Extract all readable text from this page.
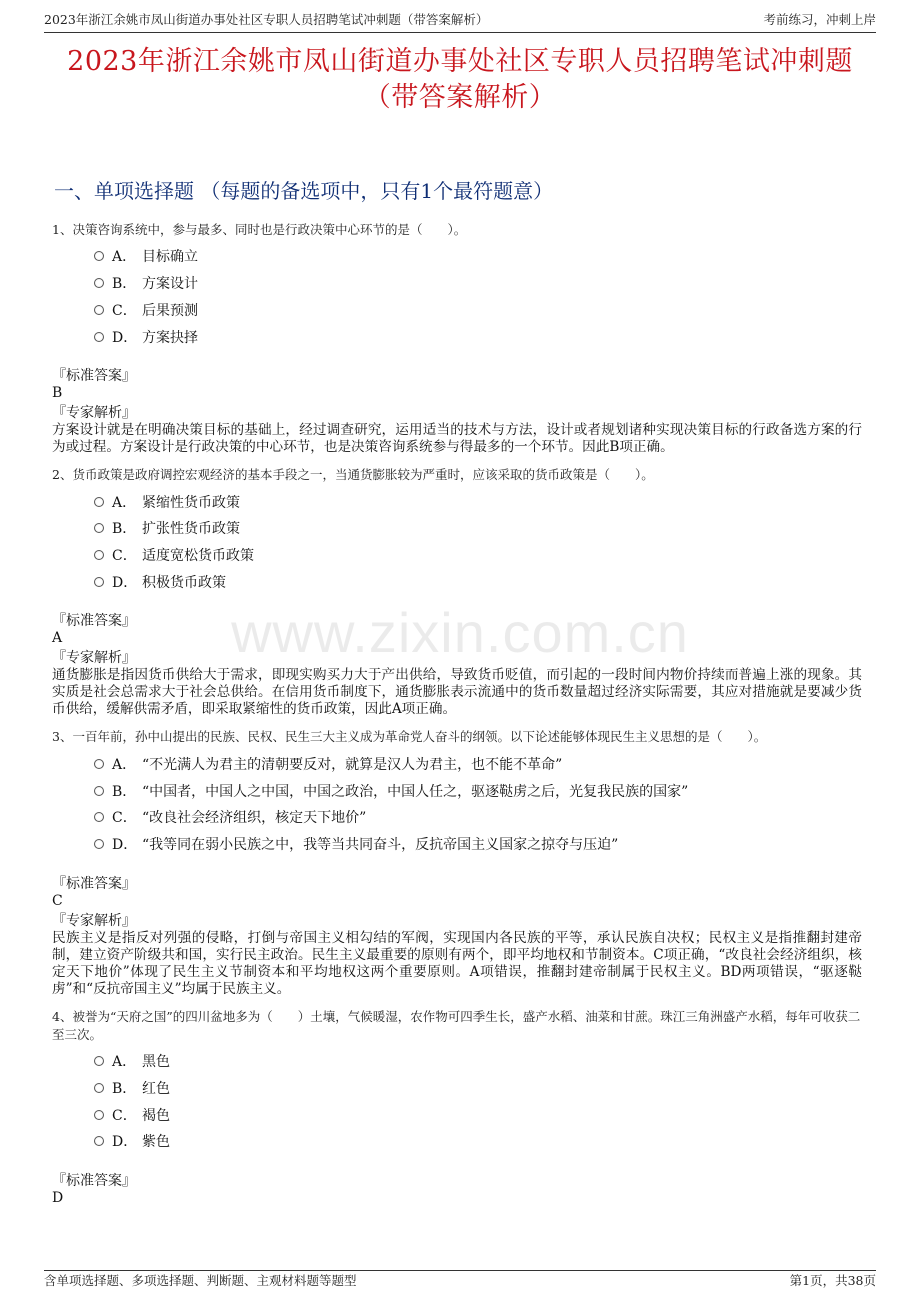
2023年浙江余姚市凤山街道办事处社区专职人员招聘笔试冲刺题（带答案解析）	考前练习，冲刺上岸
2023年浙江余姚市凤山街道办事处社区专职人员招聘笔试冲刺题（带答案解析）
一、单项选择题 （每题的备选项中，只有1个最符题意）
www.zixin.com.cn
1、决策咨询系统中，参与最多、同时也是行政决策中心环节的是（　　）。
A． 目标确立
B． 方案设计
C． 后果预测
D． 方案抉择
『标准答案』
B
『专家解析』
方案设计就是在明确决策目标的基础上，经过调查研究，运用适当的技术与方法，设计或者规划诸种实现决策目标的行政备选方案的行为或过程。方案设计是行政决策的中心环节，也是决策咨询系统参与得最多的一个环节。因此B项正确。
2、货币政策是政府调控宏观经济的基本手段之一，当通货膨胀较为严重时，应该采取的货币政策是（　　）。
A． 紧缩性货币政策
B． 扩张性货币政策
C． 适度宽松货币政策
D． 积极货币政策
『标准答案』
A
『专家解析』
通货膨胀是指因货币供给大于需求，即现实购买力大于产出供给，导致货币贬值，而引起的一段时间内物价持续而普遍上涨的现象。其实质是社会总需求大于社会总供给。在信用货币制度下，通货膨胀表示流通中的货币数量超过经济实际需要，其应对措施就是要减少货币供给，缓解供需矛盾，即采取紧缩性的货币政策，因此A项正确。
3、一百年前，孙中山提出的民族、民权、民生三大主义成为革命党人奋斗的纲领。以下论述能够体现民生主义思想的是（　　）。
A． “不光满人为君主的清朝要反对，就算是汉人为君主，也不能不革命”
B． “中国者，中国人之中国，中国之政治，中国人任之，驱逐鞑虏之后，光复我民族的国家”
C． “改良社会经济组织，核定天下地价”
D． “我等同在弱小民族之中，我等当共同奋斗，反抗帝国主义国家之掠夺与压迫”
『标准答案』
C
『专家解析』
民族主义是指反对列强的侵略，打倒与帝国主义相勾结的军阀，实现国内各民族的平等，承认民族自决权；民权主义是指推翻封建帝制，建立资产阶级共和国，实行民主政治。民生主义最重要的原则有两个，即平均地权和节制资本。C项正确，“改良社会经济组织，核定天下地价”体现了民生主义节制资本和平均地权这两个重要原则。A项错误，推翻封建帝制属于民权主义。BD两项错误，“驱逐鞑虏”和“反抗帝国主义”均属于民族主义。
4、被誉为“天府之国”的四川盆地多为（　　）土壤，气候暖湿，农作物可四季生长，盛产水稻、油菜和甘蔗。珠江三角洲盛产水稻，每年可收获二至三次。
A． 黑色
B． 红色
C． 褐色
D． 紫色
『标准答案』
D
含单项选择题、多项选择题、判断题、主观材料题等题型	第1页，共38页
